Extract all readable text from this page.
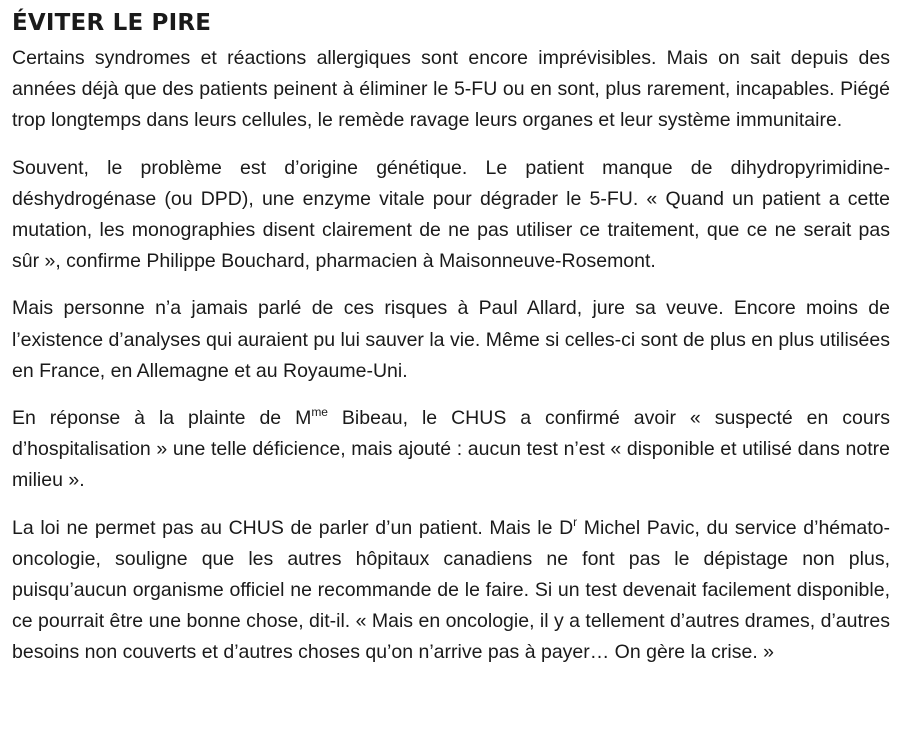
ÉVITER LE PIRE

Certains syndromes et réactions allergiques sont encore imprévisibles. Mais on sait depuis des années déjà que des patients peinent à éliminer le 5-FU ou en sont, plus rarement, incapables. Piégé trop longtemps dans leurs cellules, le remède ravage leurs organes et leur système immunitaire.

Souvent, le problème est d’origine génétique. Le patient manque de dihydropyrimidine-déshydrogénase (ou DPD), une enzyme vitale pour dégrader le 5-FU. « Quand un patient a cette mutation, les monographies disent clairement de ne pas utiliser ce traitement, que ce ne serait pas sûr », confirme Philippe Bouchard, pharmacien à Maisonneuve-Rosemont.

Mais personne n’a jamais parlé de ces risques à Paul Allard, jure sa veuve. Encore moins de l’existence d’analyses qui auraient pu lui sauver la vie. Même si celles-ci sont de plus en plus utilisées en France, en Allemagne et au Royaume-Uni.

En réponse à la plainte de $M^{me}$ Bibeau, le CHUS a confirmé avoir « suspecté en cours d’hospitalisation » une telle déficience, mais ajouté : aucun test n’est « disponible et utilisé dans notre milieu ».

La loi ne permet pas au CHUS de parler d’un patient. Mais le $D^r$ Michel Pavic, du service d’hémato-oncologie, souligne que les autres hôpitaux canadiens ne font pas le dépistage non plus, puisqu’aucun organisme officiel ne recommande de le faire. Si un test devenait facilement disponible, ce pourrait être une bonne chose, dit-il. « Mais en oncologie, il y a tellement d’autres drames, d’autres besoins non couverts et d’autres choses qu’on n’arrive pas à payer… On gère la crise. »
